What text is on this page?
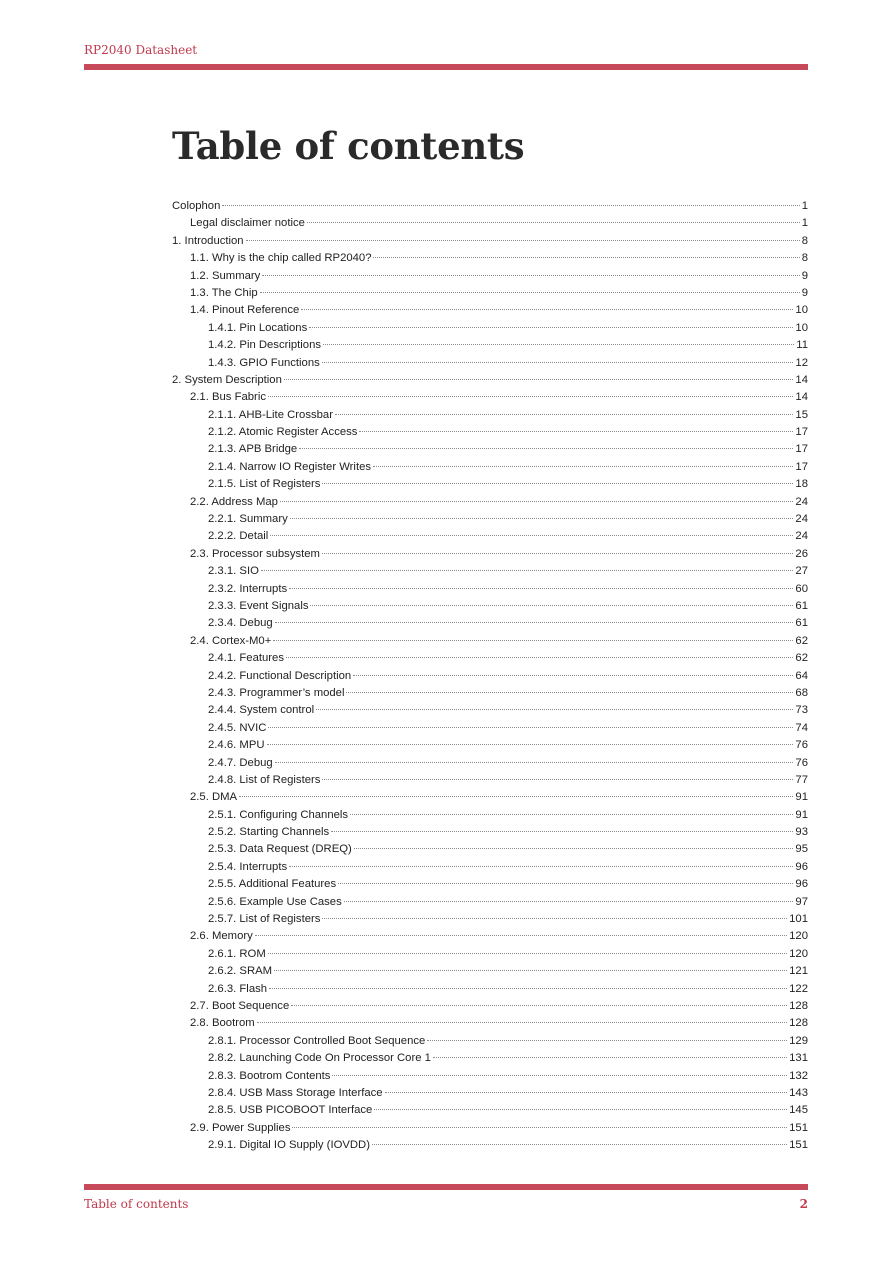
RP2040 Datasheet
Table of contents
Colophon	1
Legal disclaimer notice	1
1. Introduction	8
1.1. Why is the chip called RP2040?	8
1.2. Summary	9
1.3. The Chip	9
1.4. Pinout Reference	10
1.4.1. Pin Locations	10
1.4.2. Pin Descriptions	11
1.4.3. GPIO Functions	12
2. System Description	14
2.1. Bus Fabric	14
2.1.1. AHB-Lite Crossbar	15
2.1.2. Atomic Register Access	17
2.1.3. APB Bridge	17
2.1.4. Narrow IO Register Writes	17
2.1.5. List of Registers	18
2.2. Address Map	24
2.2.1. Summary	24
2.2.2. Detail	24
2.3. Processor subsystem	26
2.3.1. SIO	27
2.3.2. Interrupts	60
2.3.3. Event Signals	61
2.3.4. Debug	61
2.4. Cortex-M0+	62
2.4.1. Features	62
2.4.2. Functional Description	64
2.4.3. Programmer’s model	68
2.4.4. System control	73
2.4.5. NVIC	74
2.4.6. MPU	76
2.4.7. Debug	76
2.4.8. List of Registers	77
2.5. DMA	91
2.5.1. Configuring Channels	91
2.5.2. Starting Channels	93
2.5.3. Data Request (DREQ)	95
2.5.4. Interrupts	96
2.5.5. Additional Features	96
2.5.6. Example Use Cases	97
2.5.7. List of Registers	101
2.6. Memory	120
2.6.1. ROM	120
2.6.2. SRAM	121
2.6.3. Flash	122
2.7. Boot Sequence	128
2.8. Bootrom	128
2.8.1. Processor Controlled Boot Sequence	129
2.8.2. Launching Code On Processor Core 1	131
2.8.3. Bootrom Contents	132
2.8.4. USB Mass Storage Interface	143
2.8.5. USB PICOBOOT Interface	145
2.9. Power Supplies	151
2.9.1. Digital IO Supply (IOVDD)	151
Table of contents	2
